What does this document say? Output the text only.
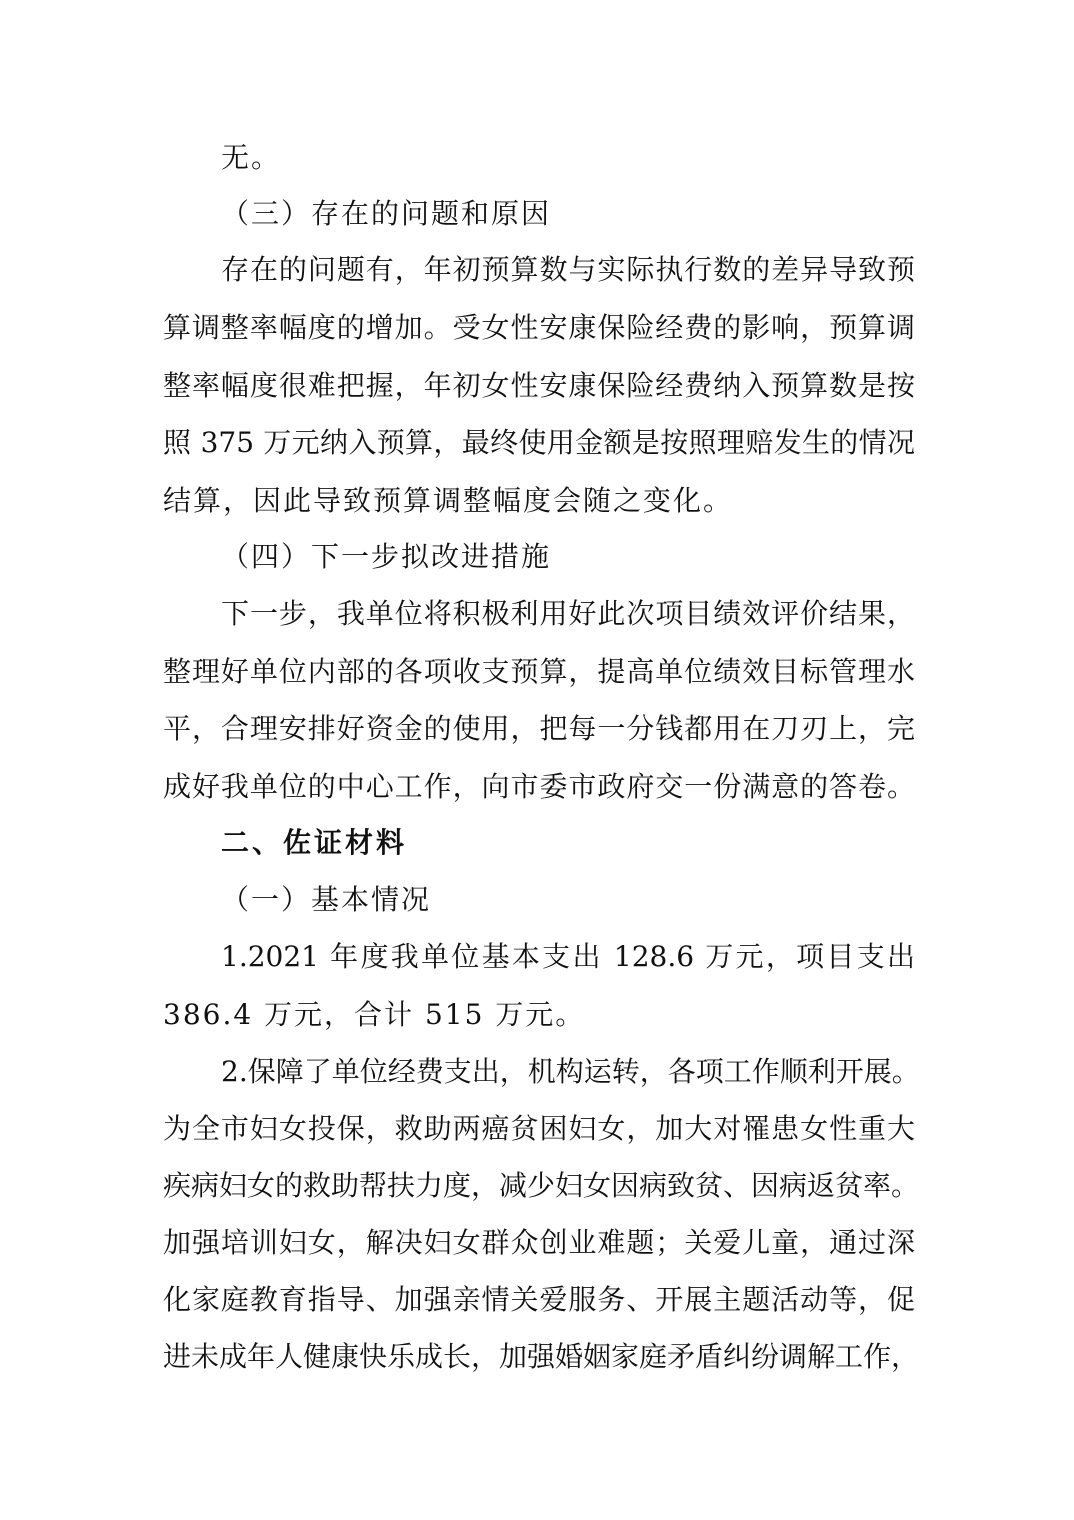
无。
（三）存在的问题和原因
存在的问题有，年初预算数与实际执行数的差异导致预
算调整率幅度的增加。受女性安康保险经费的影响，预算调
整率幅度很难把握，年初女性安康保险经费纳入预算数是按
照 375 万元纳入预算，最终使用金额是按照理赔发生的情况
结算，因此导致预算调整幅度会随之变化。
（四）下一步拟改进措施
下一步，我单位将积极利用好此次项目绩效评价结果，
整理好单位内部的各项收支预算，提高单位绩效目标管理水
平，合理安排好资金的使用，把每一分钱都用在刀刃上，完
成好我单位的中心工作，向市委市政府交一份满意的答卷。
二、佐证材料
（一）基本情况
1.2021 年度我单位基本支出 128.6 万元，项目支出
386.4 万元，合计 515 万元。
2.保障了单位经费支出，机构运转，各项工作顺利开展。
为全市妇女投保，救助两癌贫困妇女，加大对罹患女性重大
疾病妇女的救助帮扶力度，减少妇女因病致贫、因病返贫率。
加强培训妇女，解决妇女群众创业难题；关爱儿童，通过深
化家庭教育指导、加强亲情关爱服务、开展主题活动等，促
进未成年人健康快乐成长，加强婚姻家庭矛盾纠纷调解工作，
